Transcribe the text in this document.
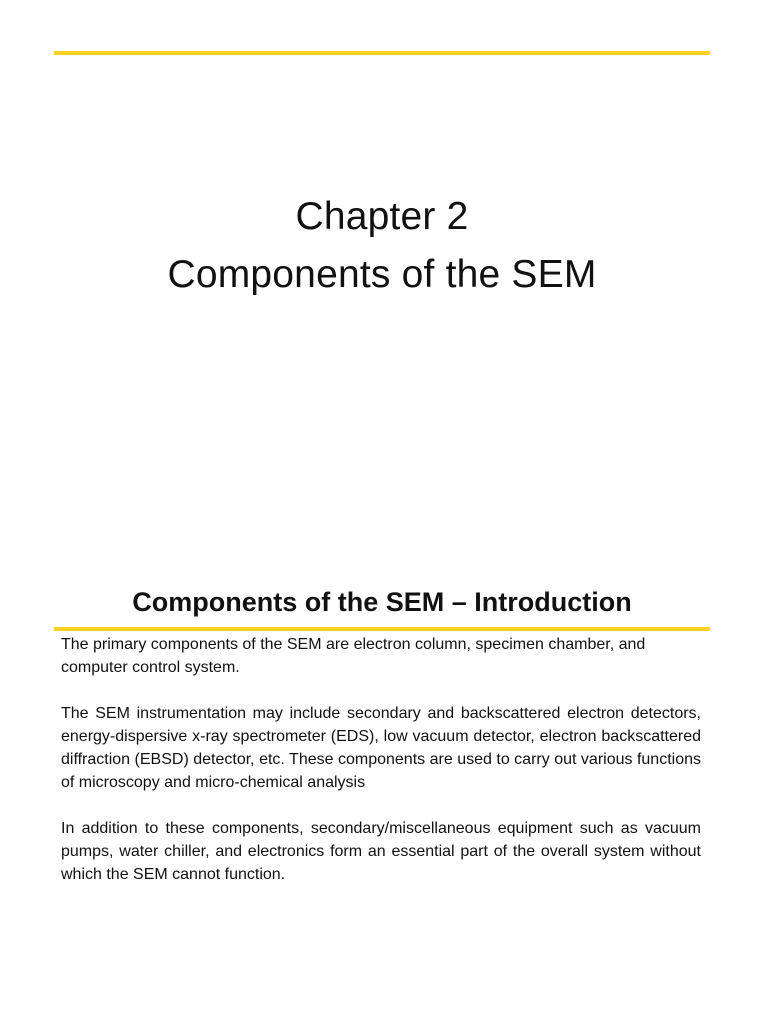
Chapter 2
Components of the SEM
Components of the SEM – Introduction

The primary components of the SEM are electron column, specimen chamber, and computer control system.

The SEM instrumentation may include secondary and backscattered electron detectors, energy-dispersive x-ray spectrometer (EDS), low vacuum detector, electron backscattered diffraction (EBSD) detector, etc. These components are used to carry out various functions of microscopy and micro-chemical analysis

In addition to these components, secondary/miscellaneous equipment such as vacuum pumps, water chiller, and electronics form an essential part of the overall system without which the SEM cannot function.
